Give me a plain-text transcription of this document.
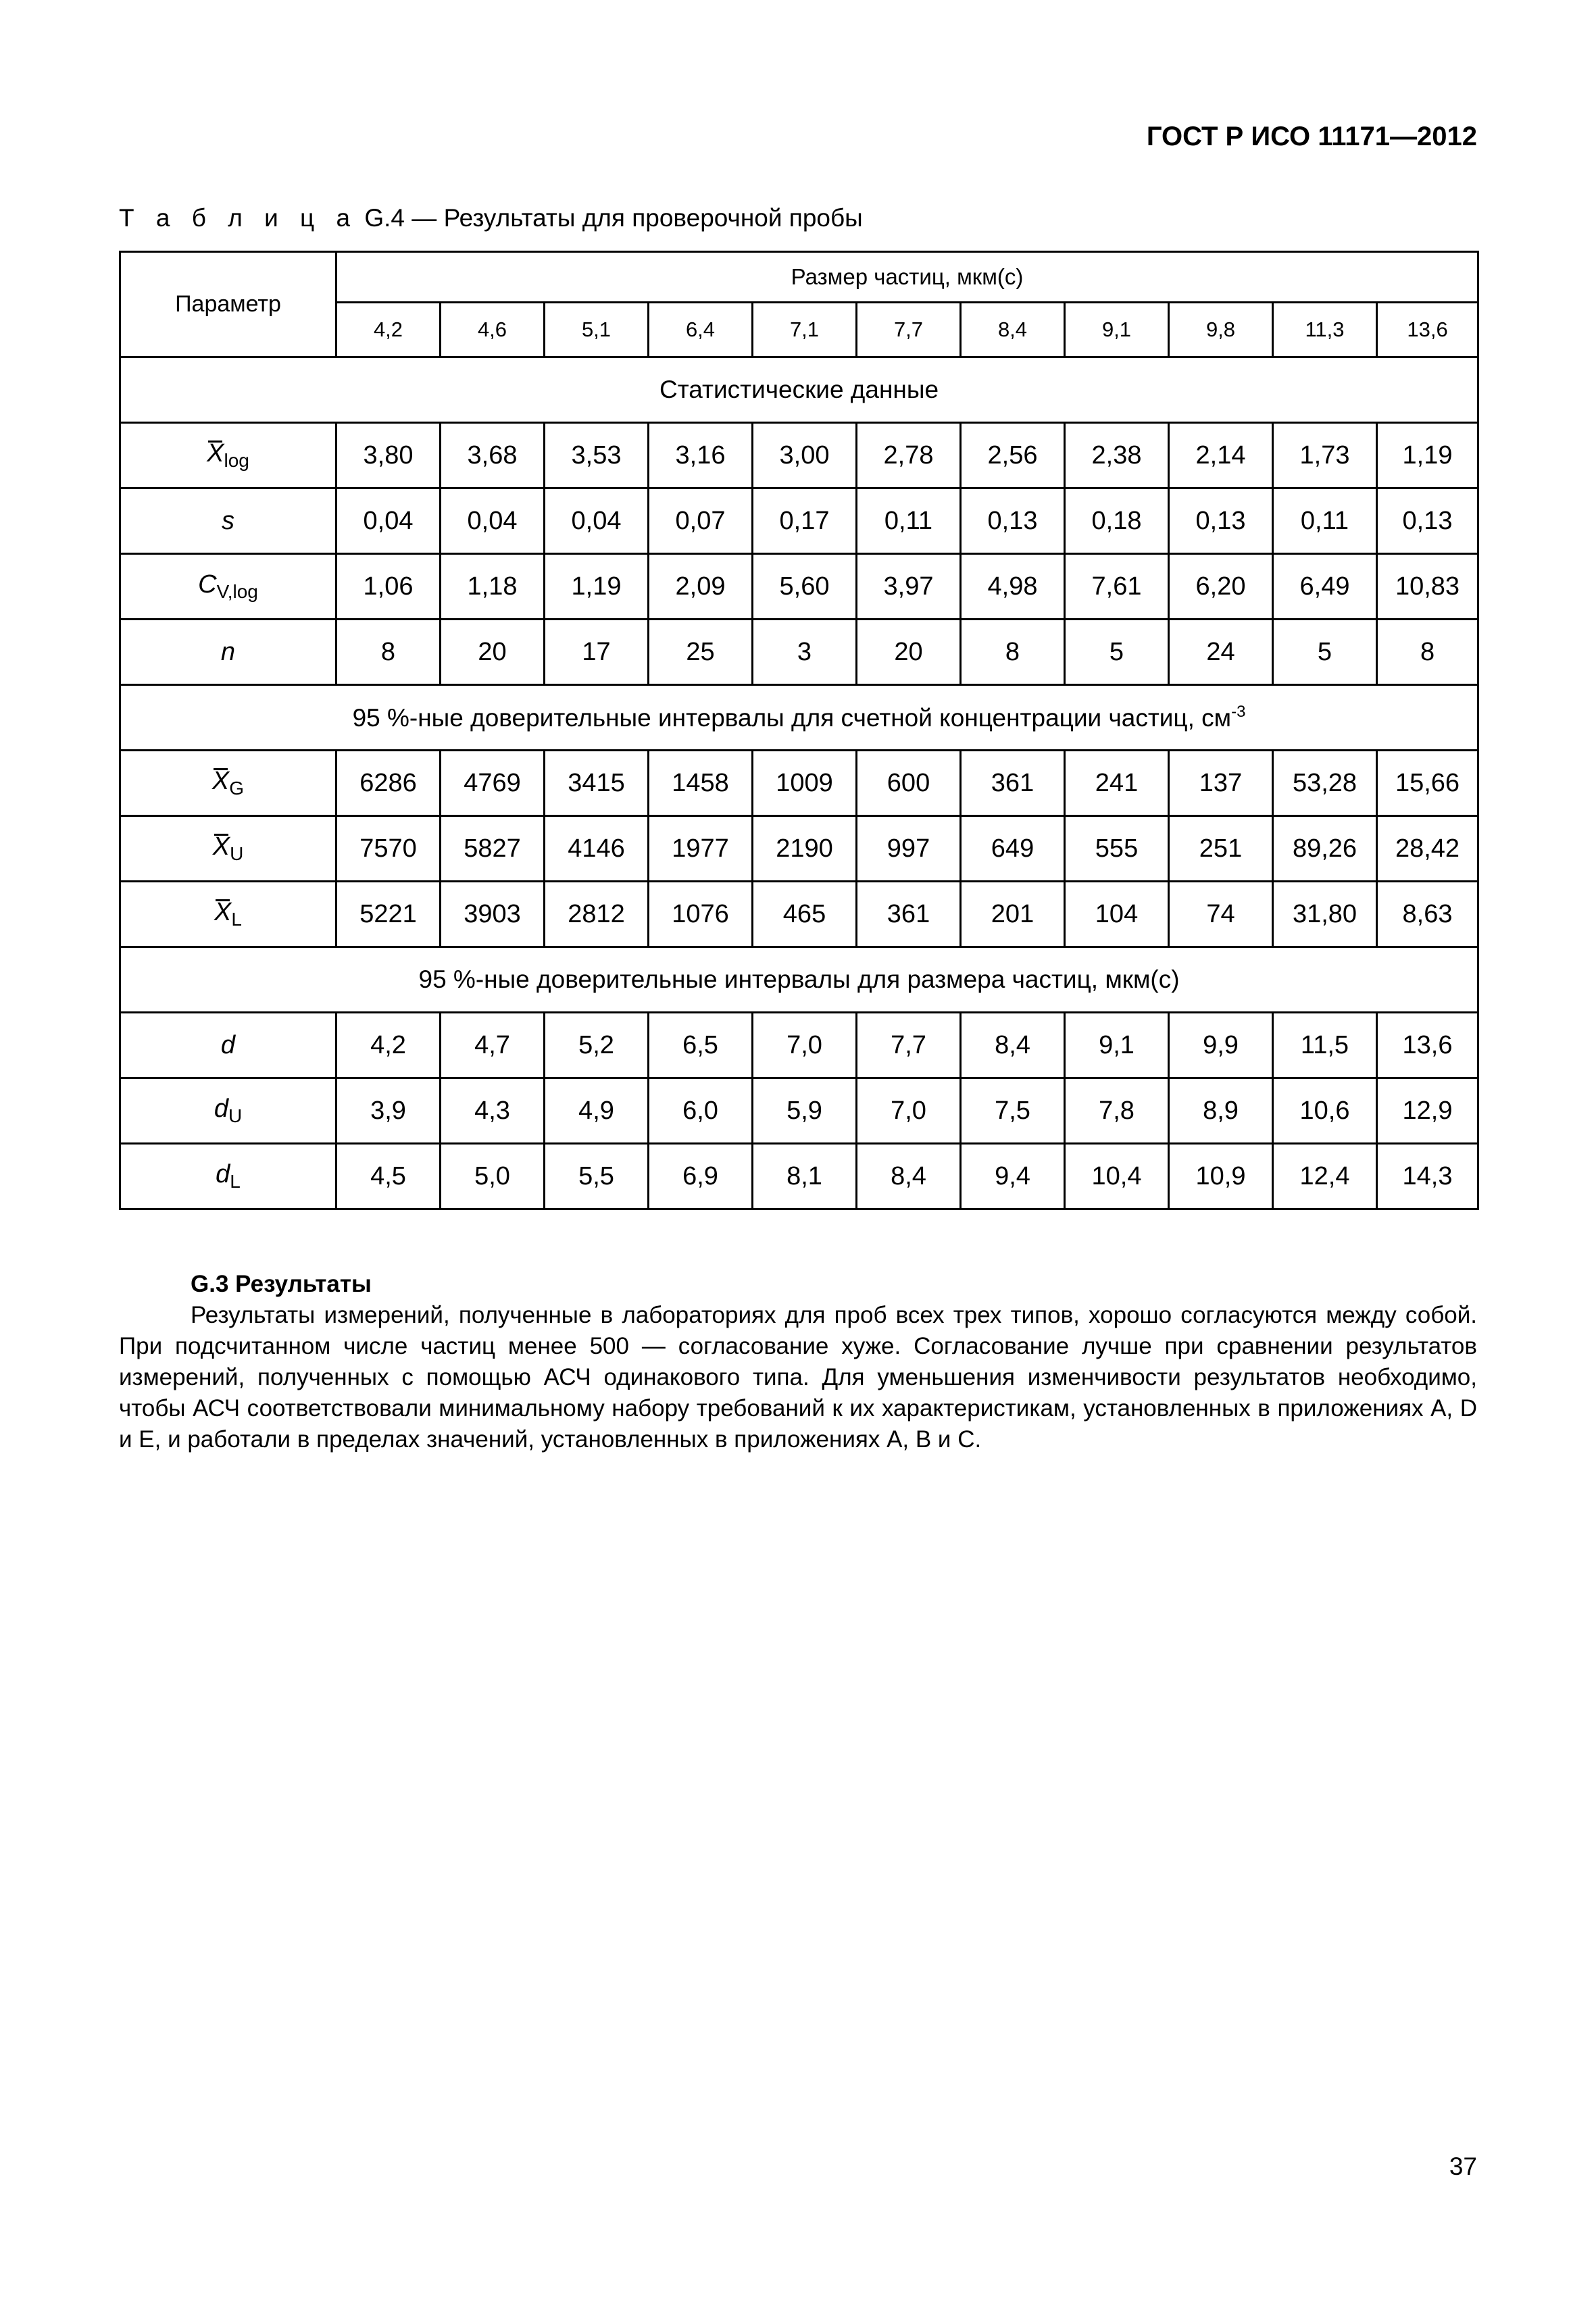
ГОСТ Р ИСО 11171—2012
Т а б л и ц а G.4 — Результаты для проверочной пробы
Параметр	Размер частиц, мкм(с)										
	4,2	4,6	5,1	6,4	7,1	7,7	8,4	9,1	9,8	11,3	13,6
Статистические данные											
$X_{log}$	3,80	3,68	3,53	3,16	3,00	2,78	2,56	2,38	2,14	1,73	1,19
s	0,04	0,04	0,04	0,07	0,17	0,11	0,13	0,18	0,13	0,11	0,13
$C_{V,log}$	1,06	1,18	1,19	2,09	5,60	3,97	4,98	7,61	6,20	6,49	10,83
n	8	20	17	25	3	20	8	5	24	5	8
95 %-ные доверительные интервалы для счетной концентрации частиц, $см^{-3}$
$X_G$	6286	4769	3415	1458	1009	600	361	241	137	53,28	15,66
$X_U$	7570	5827	4146	1977	2190	997	649	555	251	89,26	28,42
$X_L$	5221	3903	2812	1076	465	361	201	104	74	31,80	8,63
95 %-ные доверительные интервалы для размера частиц, мкм(с)											
d	4,2	4,7	5,2	6,5	7,0	7,7	8,4	9,1	9,9	11,5	13,6
$d_U$	3,9	4,3	4,9	6,0	5,9	7,0	7,5	7,8	8,9	10,6	12,9
$d_L$	4,5	5,0	5,5	6,9	8,1	8,4	9,4	10,4	10,9	12,4	14,3
G.3 Результаты

Результаты измерений, полученные в лабораториях для проб всех трех типов, хорошо согласуются между собой. При подсчитанном числе частиц менее 500 — согласование хуже. Согласование лучше при сравнении результатов измерений, полученных с помощью АСЧ одинакового типа. Для уменьшения изменчивости результатов необходимо, чтобы АСЧ соответствовали минимальному набору требований к их характеристикам, установленных в приложениях A, D и E, и работали в пределах значений, установленных в приложениях A, B и C.

37
